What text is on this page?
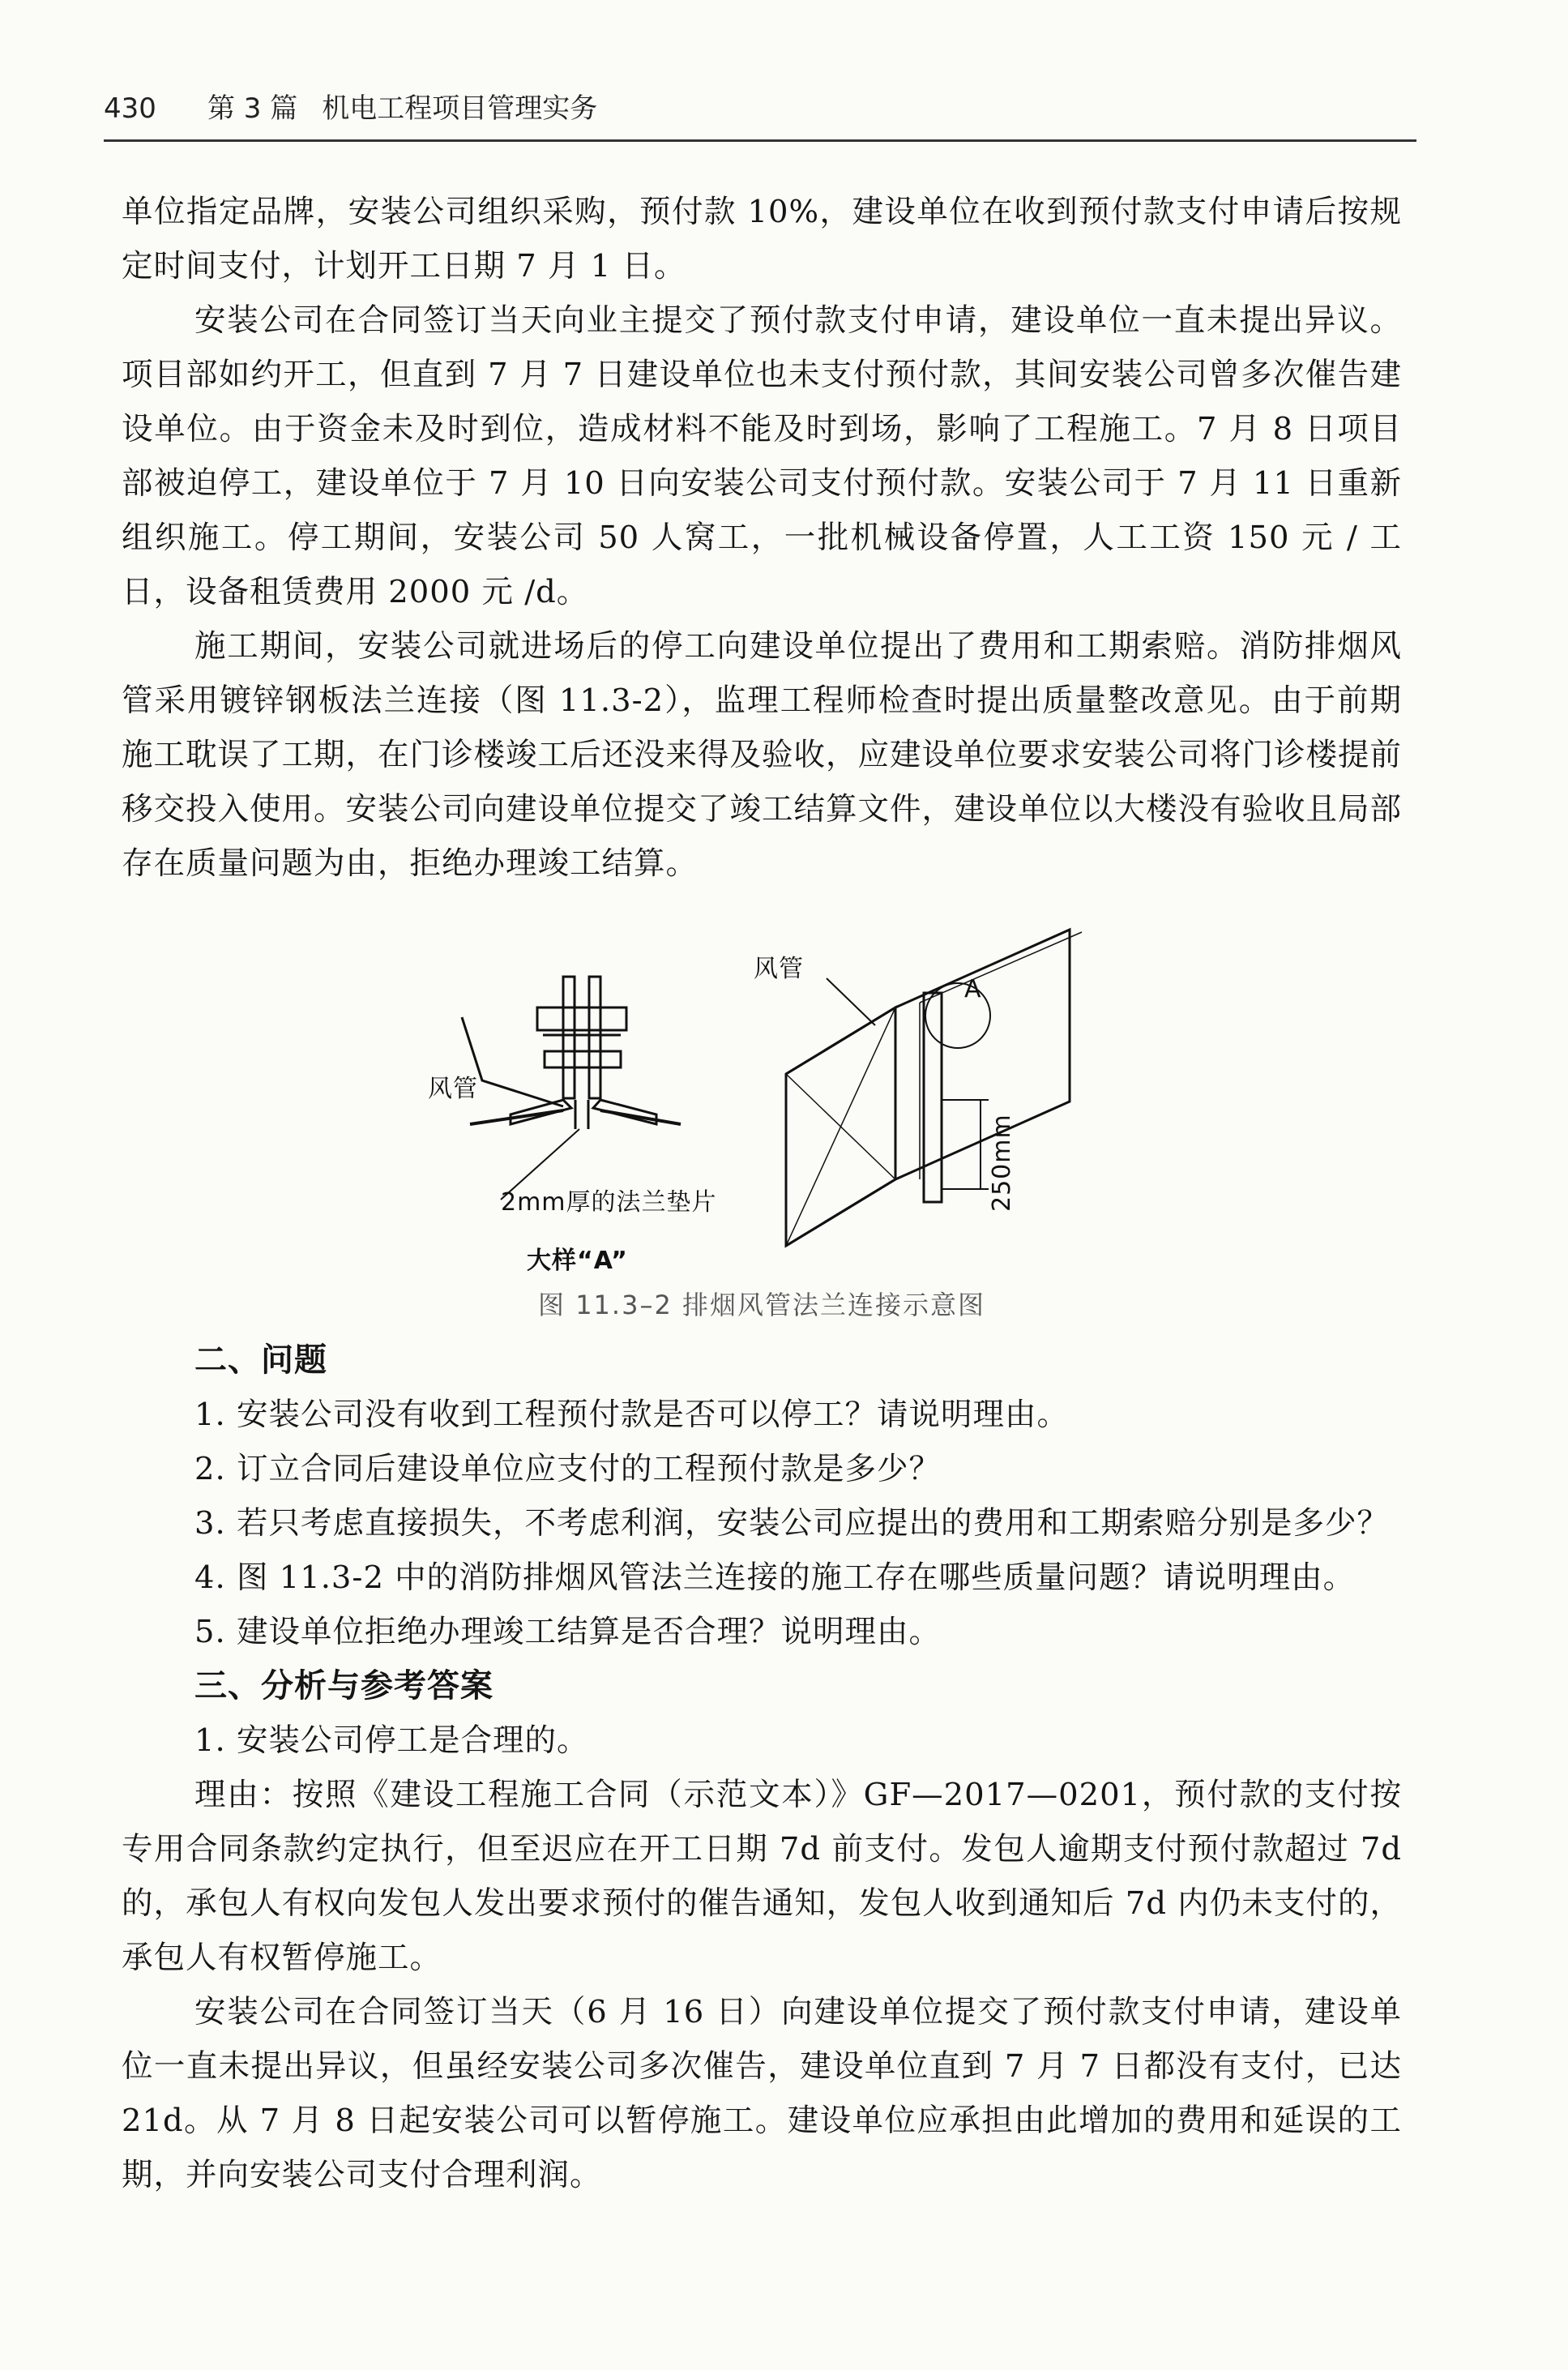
430 第 3 篇 机电工程项目管理实务

单位指定品牌，安装公司组织采购，预付款 10%，建设单位在收到预付款支付申请后按规定时间支付，计划开工日期 7 月 1 日。

安装公司在合同签订当天向业主提交了预付款支付申请，建设单位一直未提出异议。项目部如约开工，但直到 7 月 7 日建设单位也未支付预付款，其间安装公司曾多次催告建设单位。由于资金未及时到位，造成材料不能及时到场，影响了工程施工。7 月 8 日项目部被迫停工，建设单位于 7 月 10 日向安装公司支付预付款。安装公司于 7 月 11 日重新组织施工。停工期间，安装公司 50 人窝工，一批机械设备停置，人工工资 150 元 / 工日，设备租赁费用 2000 元 /d。

施工期间，安装公司就进场后的停工向建设单位提出了费用和工期索赔。消防排烟风管采用镀锌钢板法兰连接（图 11.3-2），监理工程师检查时提出质量整改意见。由于前期施工耽误了工期，在门诊楼竣工后还没来得及验收，应建设单位要求安装公司将门诊楼提前移交投入使用。安装公司向建设单位提交了竣工结算文件，建设单位以大楼没有验收且局部存在质量问题为由，拒绝办理竣工结算。

风管
2mm厚的法兰垫片
大样“A”
风管
A
250mm
图 11.3–2 排烟风管法兰连接示意图
二、问题

1. 安装公司没有收到工程预付款是否可以停工？请说明理由。

2. 订立合同后建设单位应支付的工程预付款是多少？

3. 若只考虑直接损失，不考虑利润，安装公司应提出的费用和工期索赔分别是多少？

4. 图 11.3-2 中的消防排烟风管法兰连接的施工存在哪些质量问题？请说明理由。

5. 建设单位拒绝办理竣工结算是否合理？说明理由。

三、分析与参考答案

1. 安装公司停工是合理的。

理由：按照《建设工程施工合同（示范文本）》GF—2017—0201，预付款的支付按专用合同条款约定执行，但至迟应在开工日期 7d 前支付。发包人逾期支付预付款超过 7d 的，承包人有权向发包人发出要求预付的催告通知，发包人收到通知后 7d 内仍未支付的，承包人有权暂停施工。

安装公司在合同签订当天（6 月 16 日）向建设单位提交了预付款支付申请，建设单位一直未提出异议，但虽经安装公司多次催告，建设单位直到 7 月 7 日都没有支付，已达 21d。从 7 月 8 日起安装公司可以暂停施工。建设单位应承担由此增加的费用和延误的工期，并向安装公司支付合理利润。
